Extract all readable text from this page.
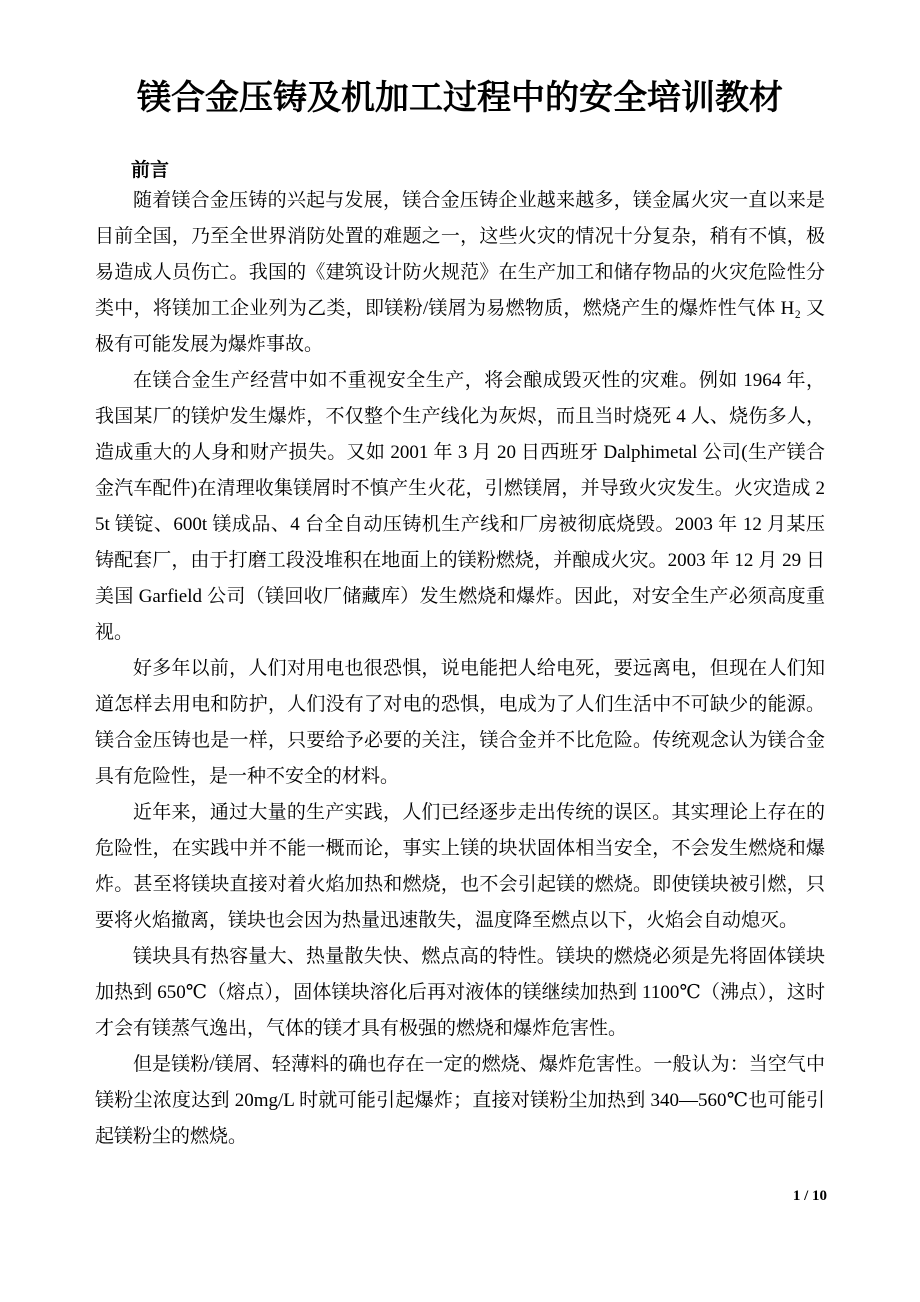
镁合金压铸及机加工过程中的安全培训教材
前言

随着镁合金压铸的兴起与发展，镁合金压铸企业越来越多，镁金属火灾一直以来是目前全国，乃至全世界消防处置的难题之一，这些火灾的情况十分复杂，稍有不慎，极易造成人员伤亡。我国的《建筑设计防火规范》在生产加工和储存物品的火灾危险性分类中，将镁加工企业列为乙类，即镁粉/镁屑为易燃物质，燃烧产生的爆炸性气体 H₂ 又极有可能发展为爆炸事故。

在镁合金生产经营中如不重视安全生产，将会酿成毁灭性的灾难。例如 1964 年，我国某厂的镁炉发生爆炸，不仅整个生产线化为灰烬，而且当时烧死 4 人、烧伤多人，造成重大的人身和财产损失。又如 2001 年 3 月 20 日西班牙 Dalphimetal 公司(生产镁合金汽车配件)在清理收集镁屑时不慎产生火花，引燃镁屑，并导致火灾发生。火灾造成 25t 镁锭、600t 镁成品、4 台全自动压铸机生产线和厂房被彻底烧毁。2003 年 12 月某压铸配套厂，由于打磨工段没堆积在地面上的镁粉燃烧，并酿成火灾。2003 年 12 月 29 日美国 Garfield 公司（镁回收厂储藏库）发生燃烧和爆炸。因此，对安全生产必须高度重视。

好多年以前，人们对用电也很恐惧，说电能把人给电死，要远离电，但现在人们知道怎样去用电和防护，人们没有了对电的恐惧，电成为了人们生活中不可缺少的能源。镁合金压铸也是一样，只要给予必要的关注，镁合金并不比危险。传统观念认为镁合金具有危险性，是一种不安全的材料。

近年来，通过大量的生产实践，人们已经逐步走出传统的误区。其实理论上存在的危险性，在实践中并不能一概而论，事实上镁的块状固体相当安全，不会发生燃烧和爆炸。甚至将镁块直接对着火焰加热和燃烧，也不会引起镁的燃烧。即使镁块被引燃，只要将火焰撤离，镁块也会因为热量迅速散失，温度降至燃点以下，火焰会自动熄灭。

镁块具有热容量大、热量散失快、燃点高的特性。镁块的燃烧必须是先将固体镁块加热到 650℃（熔点），固体镁块溶化后再对液体的镁继续加热到 1100℃（沸点），这时才会有镁蒸气逸出，气体的镁才具有极强的燃烧和爆炸危害性。

但是镁粉/镁屑、轻薄料的确也存在一定的燃烧、爆炸危害性。一般认为：当空气中镁粉尘浓度达到 20mg/L 时就可能引起爆炸；直接对镁粉尘加热到 340—560℃也可能引起镁粉尘的燃烧。

1 / 10
